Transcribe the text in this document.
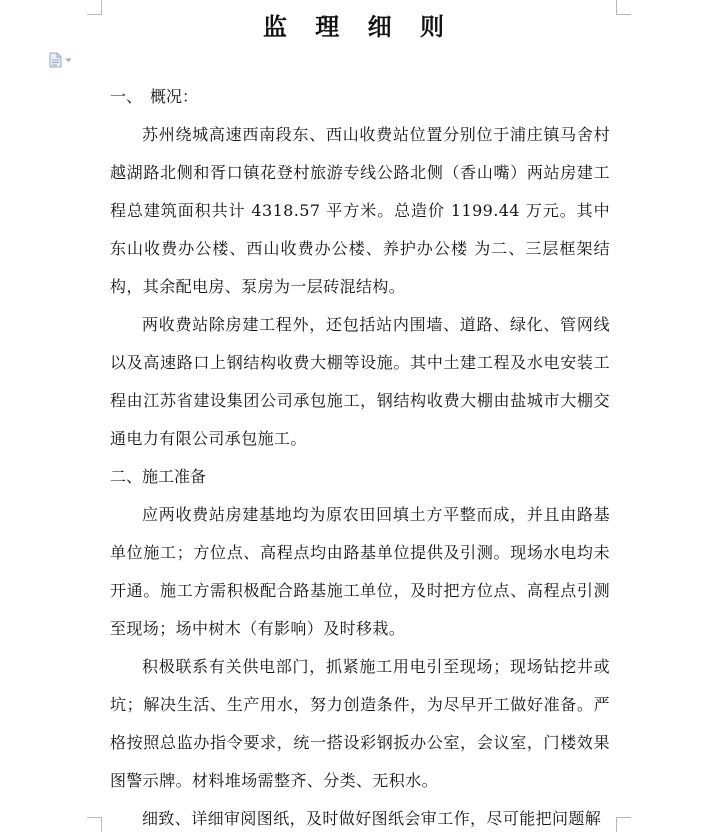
监 理 细 则

一、　概况：

苏州绕城高速西南段东、西山收费站位置分别位于浦庄镇马舍村越湖路北侧和胥口镇花登村旅游专线公路北侧（香山嘴）两站房建工程总建筑面积共计 4318.57 平方米。总造价 1199.44 万元。其中东山收费办公楼、西山收费办公楼、养护办公楼 为二、三层框架结构，其余配电房、泵房为一层砖混结构。

两收费站除房建工程外，还包括站内围墙、道路、绿化、管网线以及高速路口上钢结构收费大棚等设施。其中土建工程及水电安装工程由江苏省建设集团公司承包施工，钢结构收费大棚由盐城市大棚交通电力有限公司承包施工。

二、施工准备

应两收费站房建基地均为原农田回填土方平整而成，并且由路基单位施工；方位点、高程点均由路基单位提供及引测。现场水电均未开通。施工方需积极配合路基施工单位，及时把方位点、高程点引测至现场；场中树木（有影响）及时移栽。

积极联系有关供电部门，抓紧施工用电引至现场；现场钻挖井或坑；解决生活、生产用水，努力创造条件，为尽早开工做好准备。严格按照总监办指令要求，统一搭设彩钢扳办公室，会议室，门楼效果图警示牌。材料堆场需整齐、分类、无积水。

细致、详细审阅图纸，及时做好图纸会审工作，尽可能把问题解
